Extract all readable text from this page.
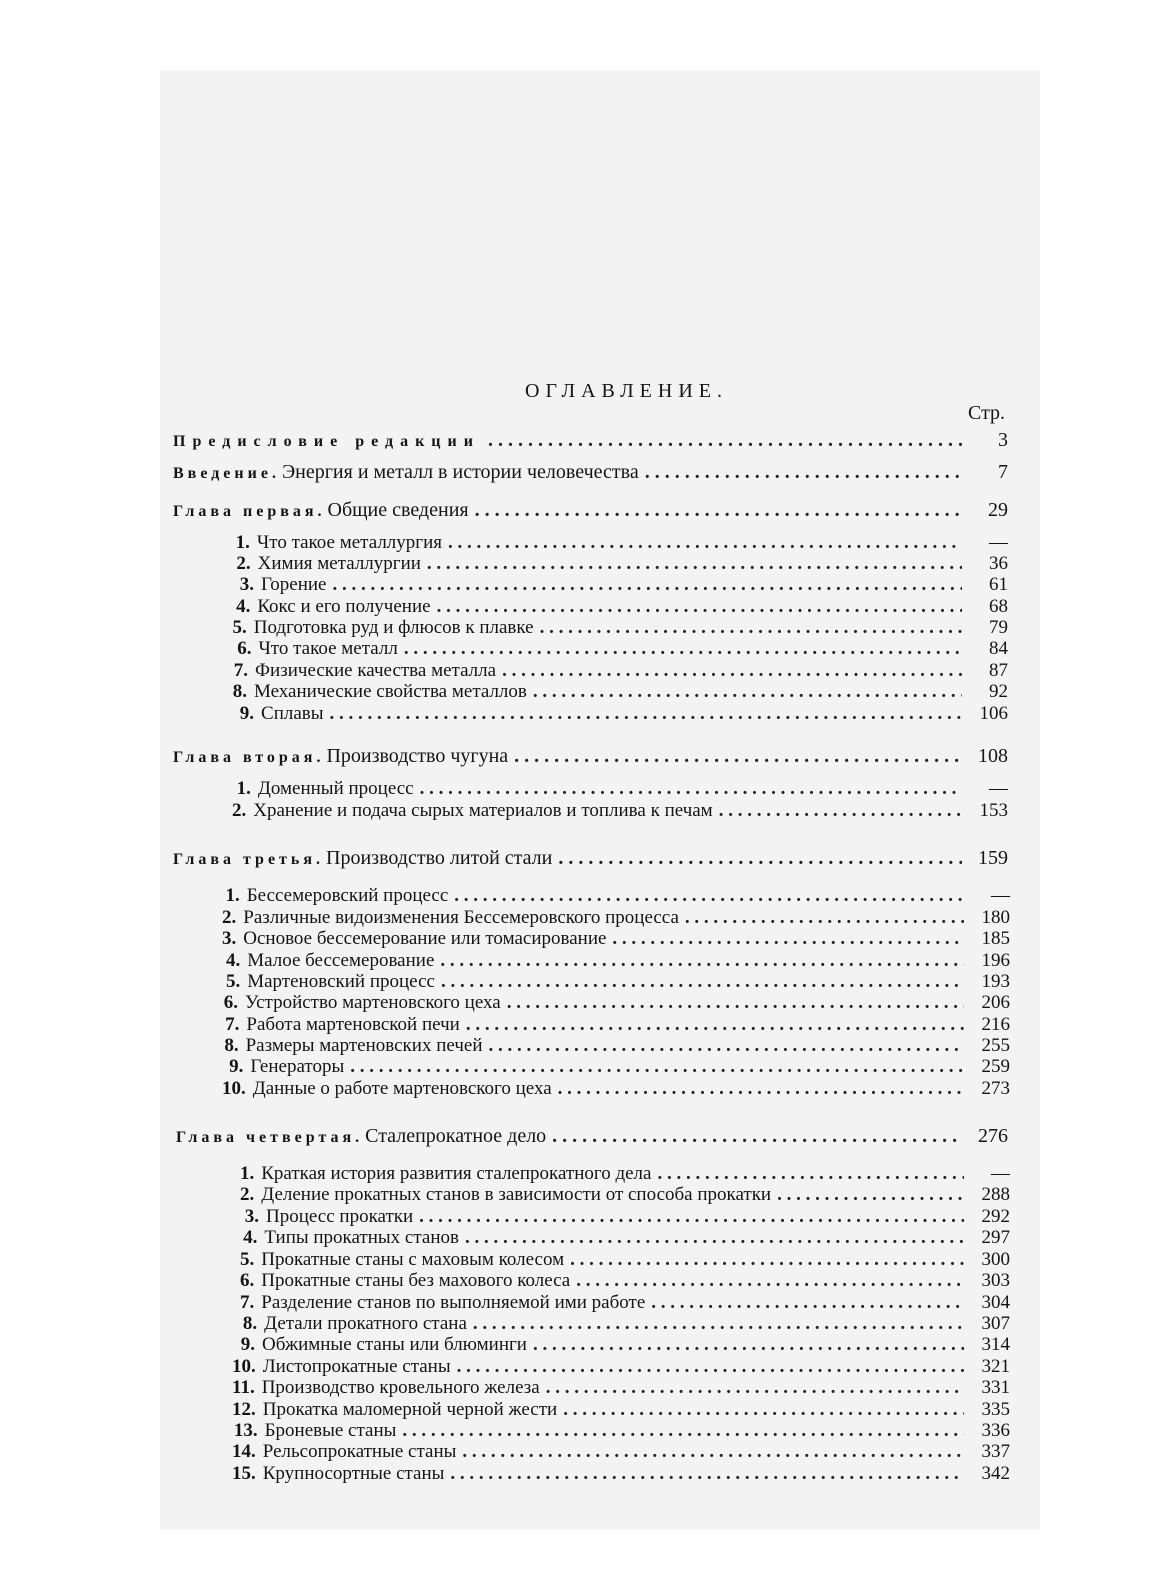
ОГЛАВЛЕНИЕ.
Стр.
Предисловие редакции . . .	3
Введение. Энергия и металл в истории человечества . . .	7
Глава первая. Общие сведения . . .	29
1. Что такое металлургия . . .	—
2. Химия металлургии . . .	36
3. Горение . . .	61
4. Кокс и его получение . . .	68
5. Подготовка руд и флюсов к плавке . . .	79
6. Что такое металл . . .	84
7. Физические качества металла . . .	87
8. Механические свойства металлов . . .	92
9. Сплавы . . .	106
Глава вторая. Производство чугуна . . .	108
1. Доменный процесс . . .	—
2. Хранение и подача сырых материалов и топлива к печам . . .	153
Глава третья. Производство литой стали . . .	159
1. Бессемеровский процесс . . .	—
2. Различные видоизменения Бессемеровского процесса . . .	180
3. Основое бессемерование или томасирование . . .	185
4. Малое бессемерование . . .	196
5. Мартеновский процесс . . .	193
6. Устройство мартеновского цеха . . .	206
7. Работа мартеновской печи . . .	216
8. Размеры мартеновских печей . . .	255
9. Генераторы . . .	259
10. Данные о работе мартеновского цеха . . .	273
Глава четвертая. Сталепрокатное дело . . .	276
1. Краткая история развития сталепрокатного дела . . .	—
2. Деление прокатных станов в зависимости от способа прокатки . . .	288
3. Процесс прокатки . . .	292
4. Типы прокатных станов . . .	297
5. Прокатные станы с маховым колесом . . .	300
6. Прокатные станы без махового колеса . . .	303
7. Разделение станов по выполняемой ими работе . . .	304
8. Детали прокатного стана . . .	307
9. Обжимные станы или блюминги . . .	314
10. Листопрокатные станы . . .	321
11. Производство кровельного железа . . .	331
12. Прокатка маломерной черной жести . . .	335
13. Броневые станы . . .	336
14. Рельсопрокатные станы . . .	337
15. Крупносортные станы . . .	342
